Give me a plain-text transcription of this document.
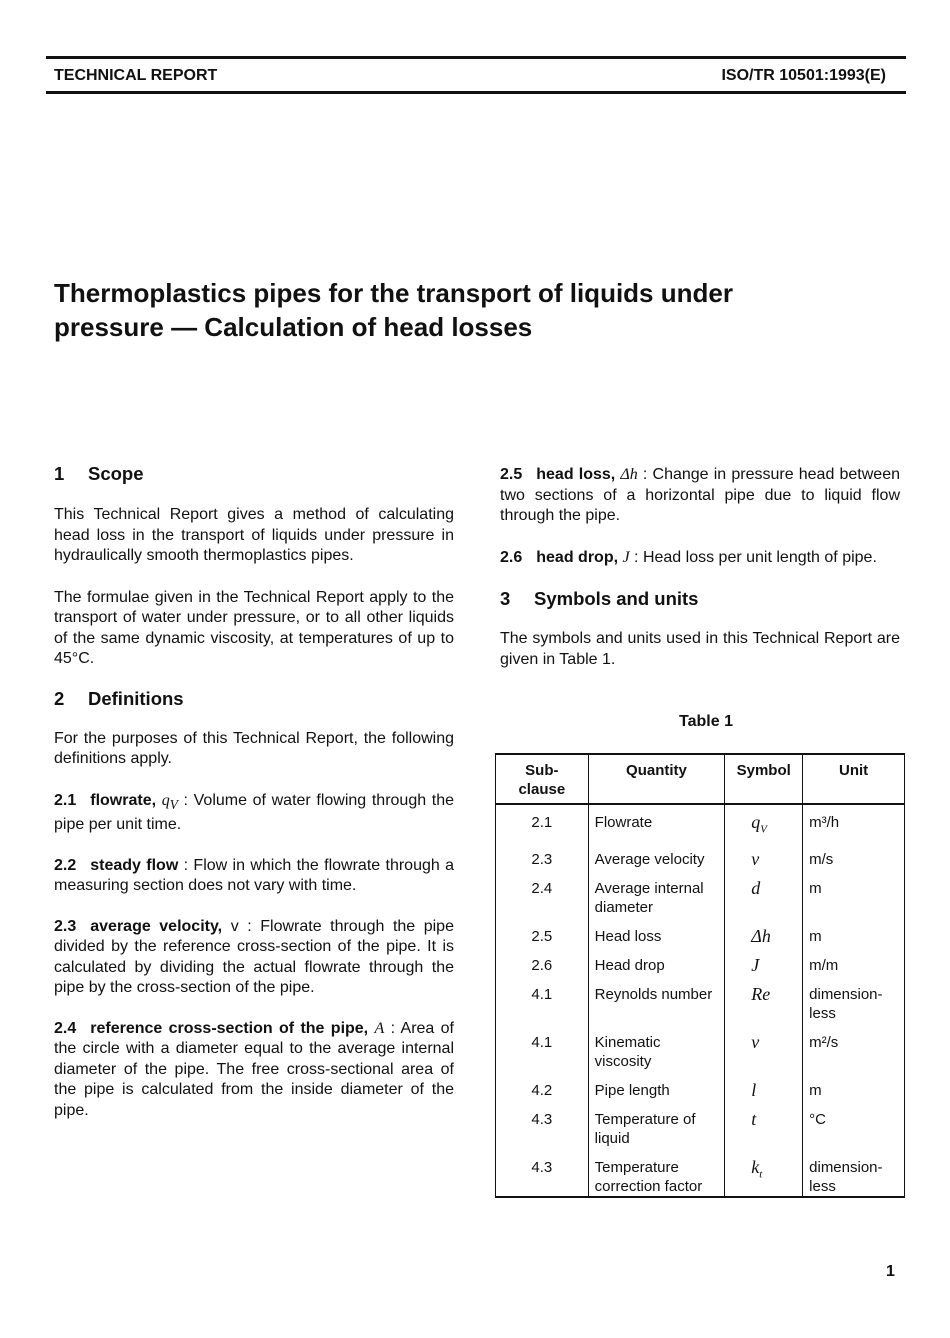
TECHNICAL REPORT	ISO/TR 10501:1993(E)
Thermoplastics pipes for the transport of liquids under
pressure — Calculation of head losses
1 Scope

This Technical Report gives a method of calculating head loss in the transport of liquids under pressure in hydraulically smooth thermoplastics pipes.

The formulae given in the Technical Report apply to the transport of water under pressure, or to all other liquids of the same dynamic viscosity, at temperatures of up to 45°C.

2 Definitions

For the purposes of this Technical Report, the following definitions apply.

2.1 flowrate, $q_V$ : Volume of water flowing through the pipe per unit time.

2.2 steady flow : Flow in which the flowrate through a measuring section does not vary with time.

2.3 average velocity, v : Flowrate through the pipe divided by the reference cross-section of the pipe. It is calculated by dividing the actual flowrate through the pipe by the cross-section of the pipe.

2.4 reference cross-section of the pipe, A : Area of the circle with a diameter equal to the average internal diameter of the pipe. The free cross-sectional area of the pipe is calculated from the inside diameter of the pipe.

2.5 head loss, Δh : Change in pressure head between two sections of a horizontal pipe due to liquid flow through the pipe.

2.6 head drop, J : Head loss per unit length of pipe.

3 Symbols and units

The symbols and units used in this Technical Report are given in Table 1.

Table 1

Sub-
clause	Quantity	Symbol	Unit
2.1	Flowrate	$q_V$	m³/h
2.3	Average velocity	v	m/s
2.4	Average internal diameter	d	m
2.5	Head loss	Δh	m
2.6	Head drop	J	m/m
4.1	Reynolds number	Re	dimension-less
4.1	Kinematic viscosity	ν	m²/s
4.2	Pipe length	l	m
4.3	Temperature of liquid	t	°C
4.3	Temperature correction factor	$k_t$	dimension-less
1
